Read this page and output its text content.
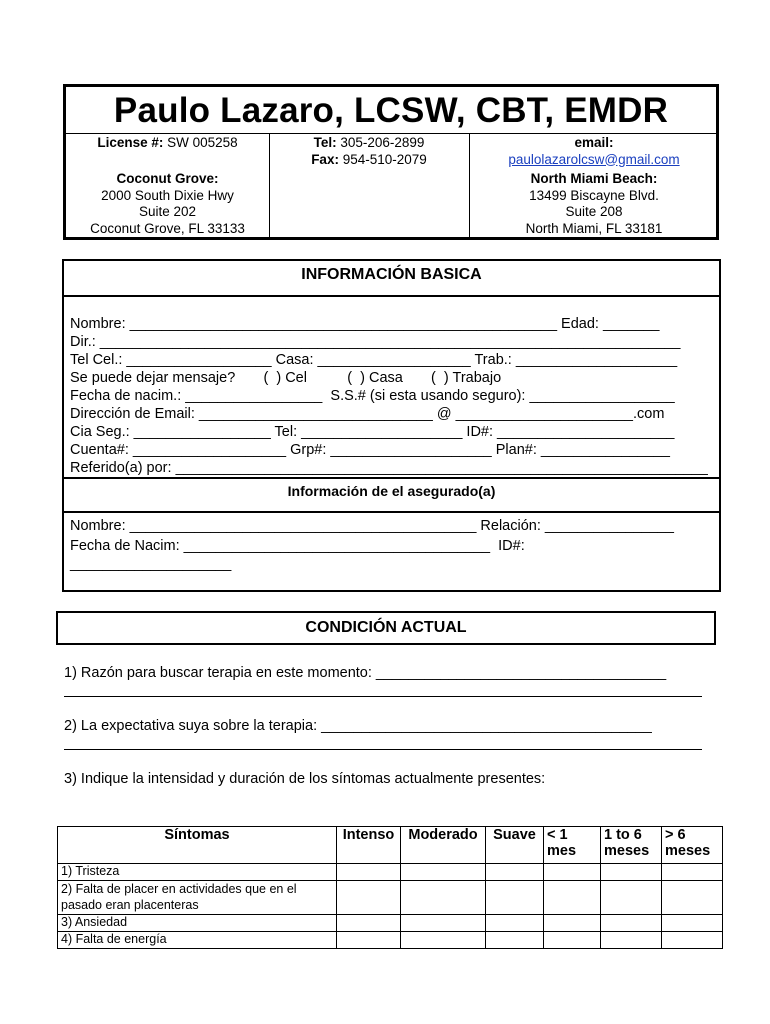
Paulo Lazaro, LCSW, CBT, EMDR
License #: SW 005258	Tel: 305-206-2899
Fax: 954-510-2079
email:
paulolazarolcsw@gmail.com
Coconut Grove:
2000 South Dixie Hwy
Suite 202
Coconut Grove, FL 33133
North Miami Beach:
13499 Biscayne Blvd.
Suite 208
North Miami, FL 33181
INFORMACIÓN BASICA
Información de el asegurado(a)
Nombre: _____________________________________________________ Edad: _______
Dir.: ________________________________________________________________________
Tel Cel.: __________________ Casa: ___________________ Trab.: ____________________
Se puede dejar mensaje?       (  ) Cel          (  ) Casa       (  ) Trabajo
Fecha de nacim.: _________________  S.S.# (si esta usando seguro): __________________
Dirección de Email: _____________________________ @ ______________________.com
Cia Seg.: _________________ Tel: ____________________ ID#: ______________________
Cuenta#: ___________________ Grp#: ____________________ Plan#: ________________
Referido(a) por: __________________________________________________________________
Nombre: ___________________________________________ Relación: ________________
Fecha de Nacim: ______________________________________  ID#:
____________________
CONDICIÓN ACTUAL
1) Razón para buscar terapia en este momento: ____________________________________
2) La expectativa suya sobre la terapia: _________________________________________
3) Indique la intensidad y duración de los síntomas actualmente presentes:
Síntomas	Intenso	Moderado	Suave	< 1 mes	1 to 6 meses	> 6 meses
1) Tristeza						
2) Falta de placer en actividades que en el pasado eran placenteras						
3) Ansiedad						
4) Falta de energía						
